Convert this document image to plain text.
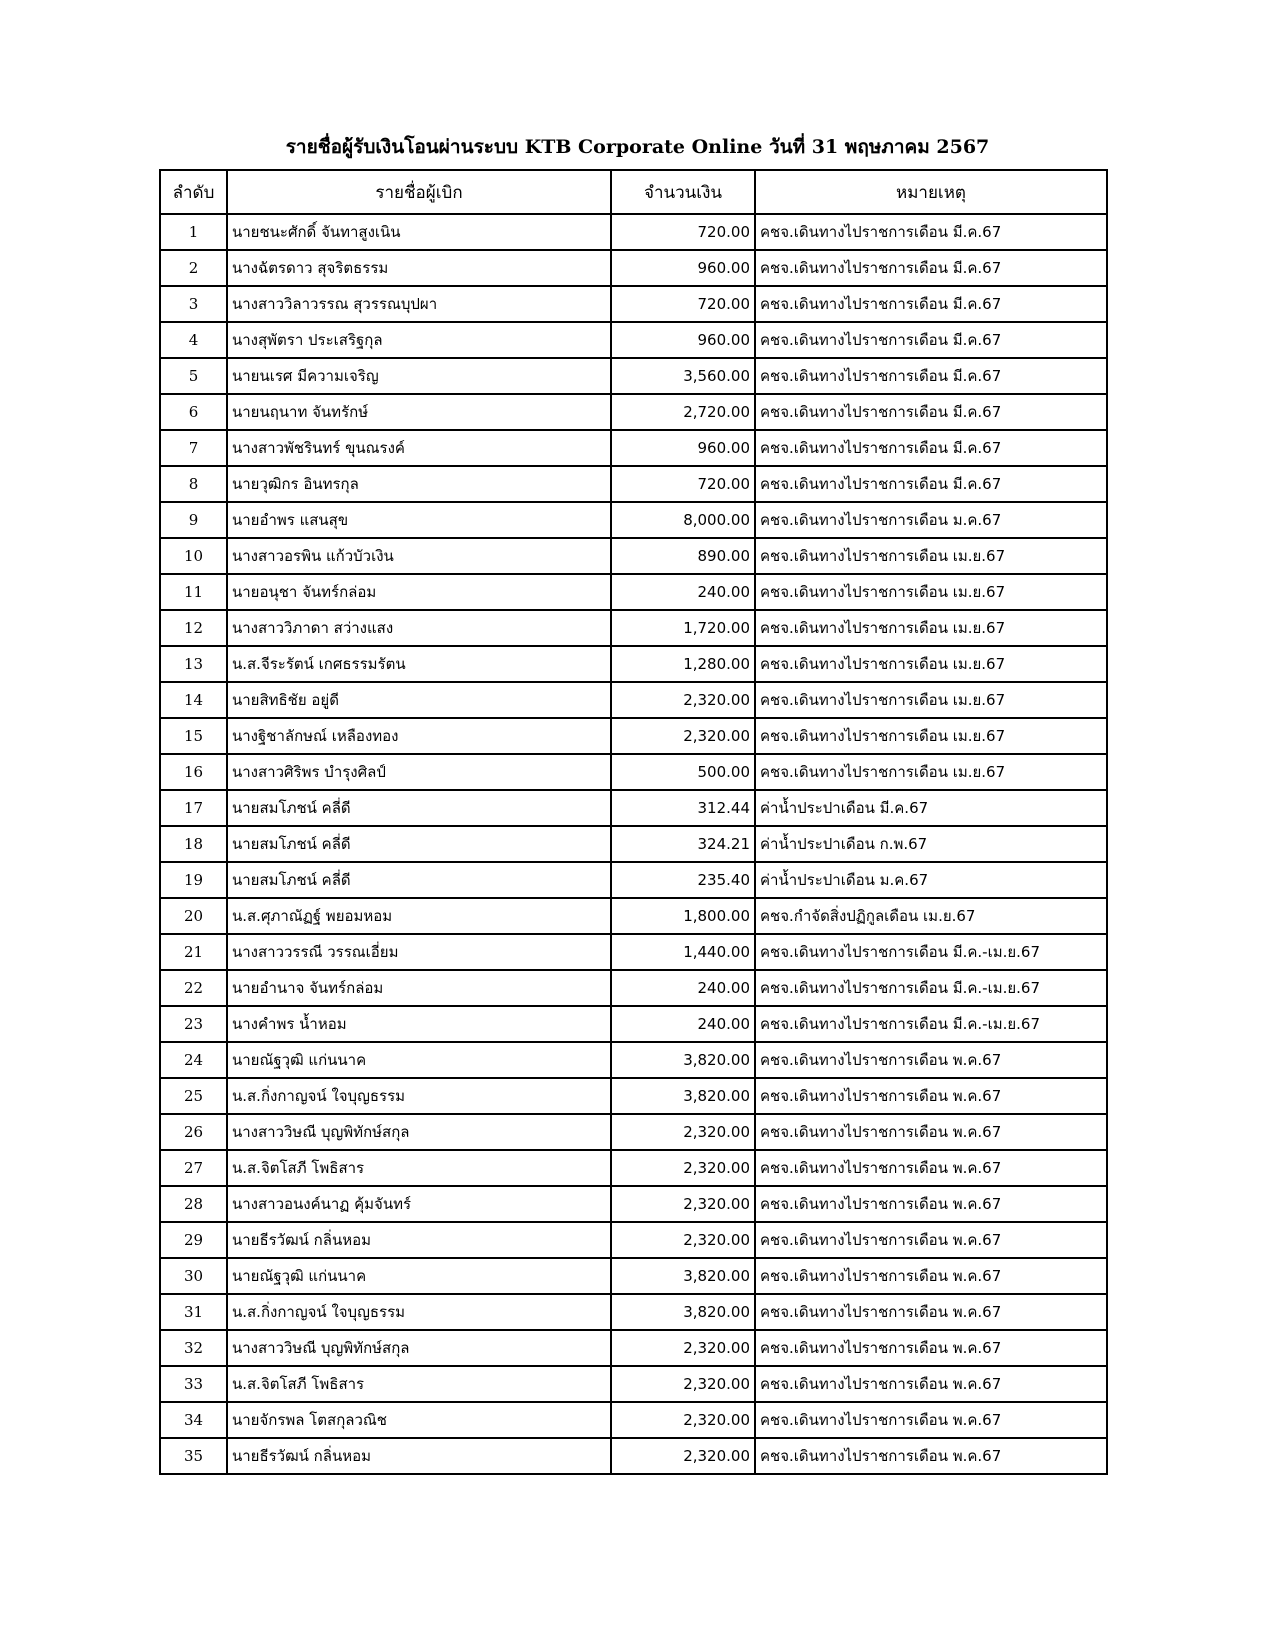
รายชื่อผู้รับเงินโอนผ่านระบบ KTB Corporate Online วันที่ 31 พฤษภาคม 2567
ลำดับ	รายชื่อผู้เบิก	จำนวนเงิน	หมายเหตุ
1	นายชนะศักดิ์ จันทาสูงเนิน	720.00	คชจ.เดินทางไปราชการเดือน มี.ค.67
2	นางฉัตรดาว สุจริตธรรม	960.00	คชจ.เดินทางไปราชการเดือน มี.ค.67
3	นางสาววิลาวรรณ สุวรรณบุปผา	720.00	คชจ.เดินทางไปราชการเดือน มี.ค.67
4	นางสุพัตรา ประเสริฐกุล	960.00	คชจ.เดินทางไปราชการเดือน มี.ค.67
5	นายนเรศ มีความเจริญ	3,560.00	คชจ.เดินทางไปราชการเดือน มี.ค.67
6	นายนฤนาท จันทรักษ์	2,720.00	คชจ.เดินทางไปราชการเดือน มี.ค.67
7	นางสาวพัชรินทร์ ขุนณรงค์	960.00	คชจ.เดินทางไปราชการเดือน มี.ค.67
8	นายวุฒิกร อินทรกุล	720.00	คชจ.เดินทางไปราชการเดือน มี.ค.67
9	นายอำพร แสนสุข	8,000.00	คชจ.เดินทางไปราชการเดือน ม.ค.67
10	นางสาวอรพิน แก้วบัวเงิน	890.00	คชจ.เดินทางไปราชการเดือน เม.ย.67
11	นายอนุชา จันทร์กล่อม	240.00	คชจ.เดินทางไปราชการเดือน เม.ย.67
12	นางสาววิภาดา สว่างแสง	1,720.00	คชจ.เดินทางไปราชการเดือน เม.ย.67
13	น.ส.จีระรัตน์ เกศธรรมรัตน	1,280.00	คชจ.เดินทางไปราชการเดือน เม.ย.67
14	นายสิทธิชัย อยู่ดี	2,320.00	คชจ.เดินทางไปราชการเดือน เม.ย.67
15	นางฐิชาลักษณ์ เหลืองทอง	2,320.00	คชจ.เดินทางไปราชการเดือน เม.ย.67
16	นางสาวศิริพร บำรุงศิลป์	500.00	คชจ.เดินทางไปราชการเดือน เม.ย.67
17	นายสมโภชน์ คลี่ดี	312.44	ค่าน้ำประปาเดือน มี.ค.67
18	นายสมโภชน์ คลี่ดี	324.21	ค่าน้ำประปาเดือน ก.พ.67
19	นายสมโภชน์ คลี่ดี	235.40	ค่าน้ำประปาเดือน ม.ค.67
20	น.ส.ศุภาณัฏฐ์ พยอมหอม	1,800.00	คชจ.กำจัดสิ่งปฏิกูลเดือน เม.ย.67
21	นางสาววรรณี วรรณเอี่ยม	1,440.00	คชจ.เดินทางไปราชการเดือน มี.ค.-เม.ย.67
22	นายอำนาจ จันทร์กล่อม	240.00	คชจ.เดินทางไปราชการเดือน มี.ค.-เม.ย.67
23	นางคำพร น้ำหอม	240.00	คชจ.เดินทางไปราชการเดือน มี.ค.-เม.ย.67
24	นายณัฐวุฒิ แก่นนาค	3,820.00	คชจ.เดินทางไปราชการเดือน พ.ค.67
25	น.ส.กิ่งกาญจน์ ใจบุญธรรม	3,820.00	คชจ.เดินทางไปราชการเดือน พ.ค.67
26	นางสาววิษณี บุญพิทักษ์สกุล	2,320.00	คชจ.เดินทางไปราชการเดือน พ.ค.67
27	น.ส.จิตโสภี โพธิสาร	2,320.00	คชจ.เดินทางไปราชการเดือน พ.ค.67
28	นางสาวอนงค์นาฏ คุ้มจันทร์	2,320.00	คชจ.เดินทางไปราชการเดือน พ.ค.67
29	นายธีรวัฒน์ กลิ่นหอม	2,320.00	คชจ.เดินทางไปราชการเดือน พ.ค.67
30	นายณัฐวุฒิ แก่นนาค	3,820.00	คชจ.เดินทางไปราชการเดือน พ.ค.67
31	น.ส.กิ่งกาญจน์ ใจบุญธรรม	3,820.00	คชจ.เดินทางไปราชการเดือน พ.ค.67
32	นางสาววิษณี บุญพิทักษ์สกุล	2,320.00	คชจ.เดินทางไปราชการเดือน พ.ค.67
33	น.ส.จิตโสภี โพธิสาร	2,320.00	คชจ.เดินทางไปราชการเดือน พ.ค.67
34	นายจักรพล โตสกุลวณิช	2,320.00	คชจ.เดินทางไปราชการเดือน พ.ค.67
35	นายธีรวัฒน์ กลิ่นหอม	2,320.00	คชจ.เดินทางไปราชการเดือน พ.ค.67
